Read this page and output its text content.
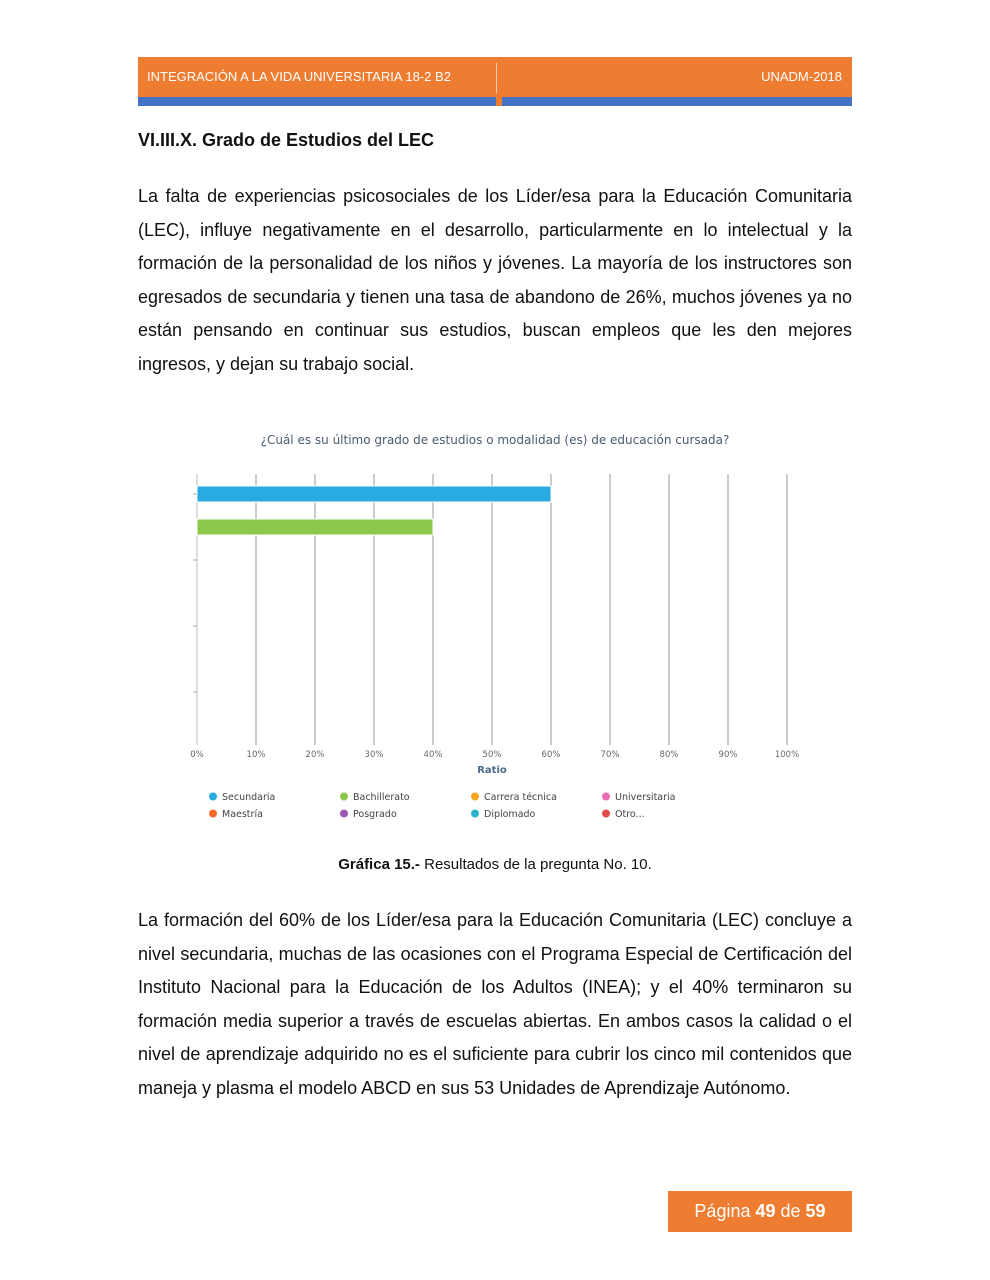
INTEGRACIÓN A LA VIDA UNIVERSITARIA 18-2 B2	UNADM-2018
VI.III.X. Grado de Estudios del LEC

La falta de experiencias psicosociales de los Líder/esa para la Educación Comunitaria (LEC), influye negativamente en el desarrollo, particularmente en lo intelectual y la formación de la personalidad de los niños y jóvenes. La mayoría de los instructores son egresados de secundaria y tienen una tasa de abandono de 26%, muchos jóvenes ya no están pensando en continuar sus estudios, buscan empleos que les den mejores ingresos, y dejan su trabajo social.

¿Cuál es su último grado de estudios o modalidad (es) de educación cursada?
0%	10%	20%	30%	40%	50%	60%	70%	80%	90%	100%
Ratio
Secundaria	Bachillerato	Carrera técnica	Universitaria
Maestría	Posgrado	Diplomado	Otro...
Gráfica 15.- Resultados de la pregunta No. 10.

La formación del 60% de los Líder/esa para la Educación Comunitaria (LEC) concluye a nivel secundaria, muchas de las ocasiones con el Programa Especial de Certificación del Instituto Nacional para la Educación de los Adultos (INEA); y el 40% terminaron su formación media superior a través de escuelas abiertas. En ambos casos la calidad o el nivel de aprendizaje adquirido no es el suficiente para cubrir los cinco mil contenidos que maneja y plasma el modelo ABCD en sus 53 Unidades de Aprendizaje Autónomo.

Página 49 de 59
